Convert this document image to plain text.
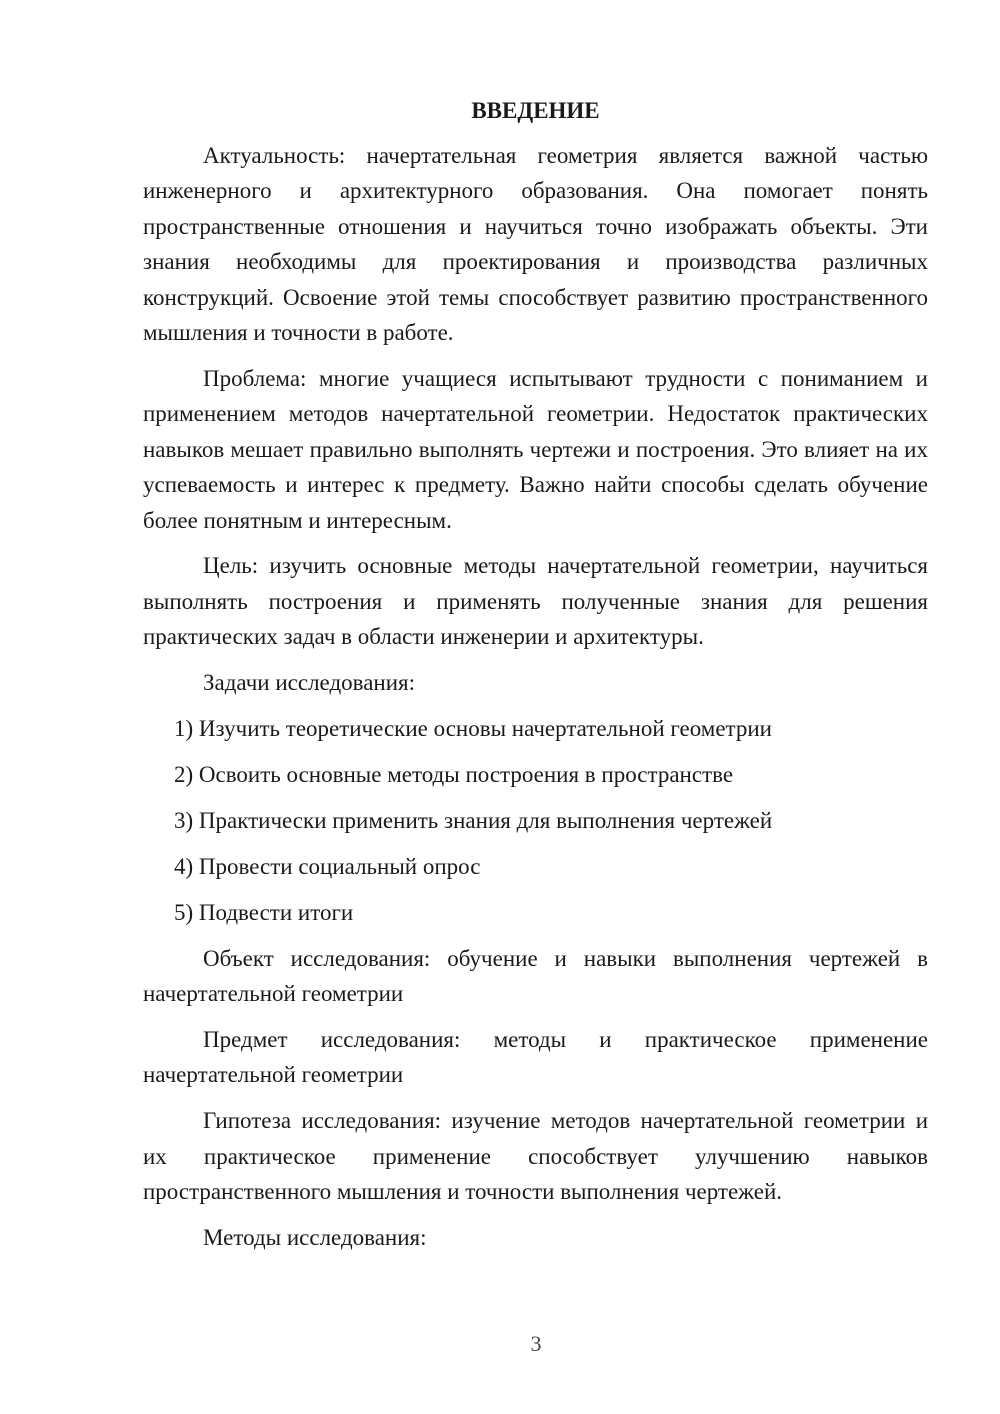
ВВЕДЕНИЕ

Актуальность: начертательная геометрия является важной частью инженерного и архитектурного образования. Она помогает понять пространственные отношения и научиться точно изображать объекты. Эти знания необходимы для проектирования и производства различных конструкций. Освоение этой темы способствует развитию пространственного мышления и точности в работе.

Проблема: многие учащиеся испытывают трудности с пониманием и применением методов начертательной геометрии. Недостаток практических навыков мешает правильно выполнять чертежи и построения. Это влияет на их успеваемость и интерес к предмету. Важно найти способы сделать обучение более понятным и интересным.

Цель: изучить основные методы начертательной геометрии, научиться выполнять построения и применять полученные знания для решения практических задач в области инженерии и архитектуры.

Задачи исследования:

1) Изучить теоретические основы начертательной геометрии
2) Освоить основные методы построения в пространстве
3) Практически применить знания для выполнения чертежей
4) Провести социальный опрос
5) Подвести итоги

Объект исследования: обучение и навыки выполнения чертежей в начертательной геометрии

Предмет исследования: методы и практическое применение начертательной геометрии

Гипотеза исследования: изучение методов начертательной геометрии и их практическое применение способствует улучшению навыков пространственного мышления и точности выполнения чертежей.

Методы исследования:

3
